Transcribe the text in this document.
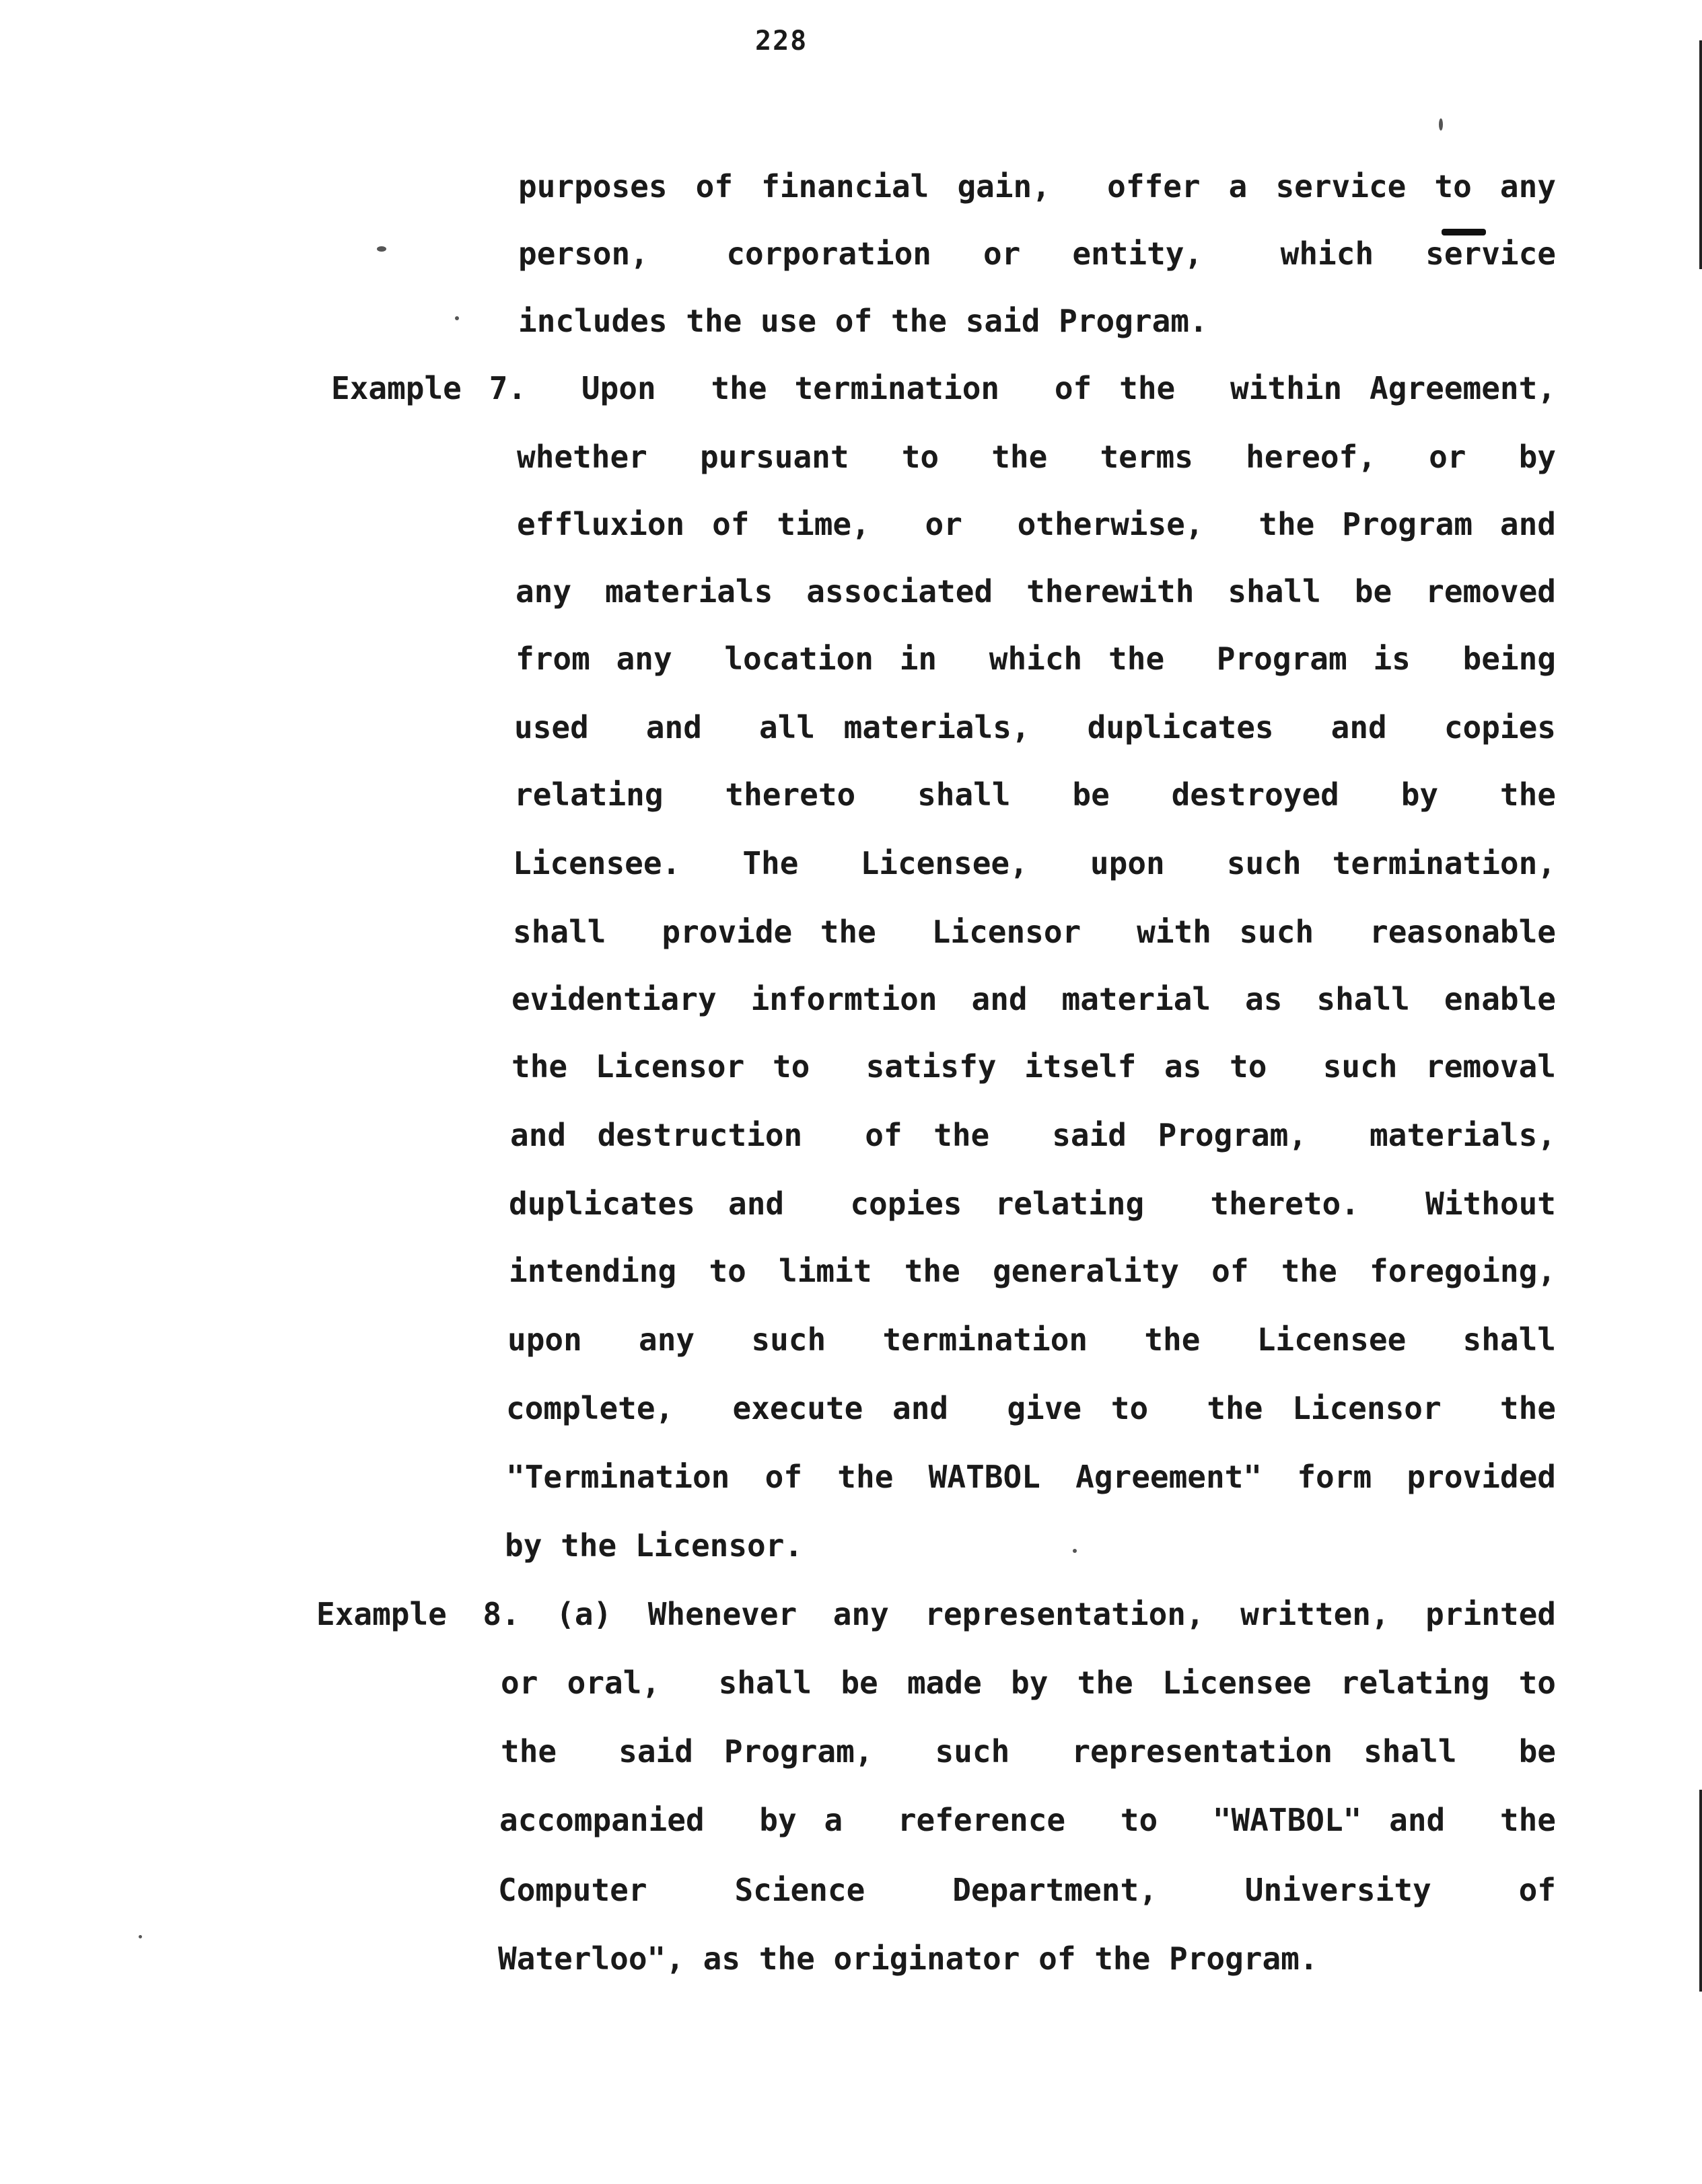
228
purposes of financial gain,  offer a service to any
person,   corporation  or  entity,   which  service
includes the use of the said Program.
Example 7.  Upon  the termination  of the  within Agreement,
whether  pursuant  to  the  terms  hereof,  or  by
effluxion of time,  or  otherwise,  the Program and
any materials associated therewith shall be removed
from any  location in  which the  Program is  being
used  and  all materials,  duplicates  and  copies
relating  thereto  shall  be  destroyed  by  the
Licensee.  The  Licensee,  upon  such termination,
shall  provide the  Licensor  with such  reasonable
evidentiary informtion and material as shall enable
the Licensor to  satisfy itself as to  such removal
and destruction  of the  said Program,  materials,
duplicates and  copies relating  thereto.  Without
intending to limit the generality of the foregoing,
upon  any  such  termination  the  Licensee  shall
complete,  execute and  give to  the Licensor  the
"Termination of the WATBOL Agreement" form provided
by the Licensor.
Example 8. (a) Whenever any representation, written, printed
or oral,  shall be made by the Licensee relating to
the  said Program,  such  representation shall  be
accompanied  by a  reference  to  "WATBOL" and  the
Computer   Science   Department,   University   of
Waterloo", as the originator of the Program.
